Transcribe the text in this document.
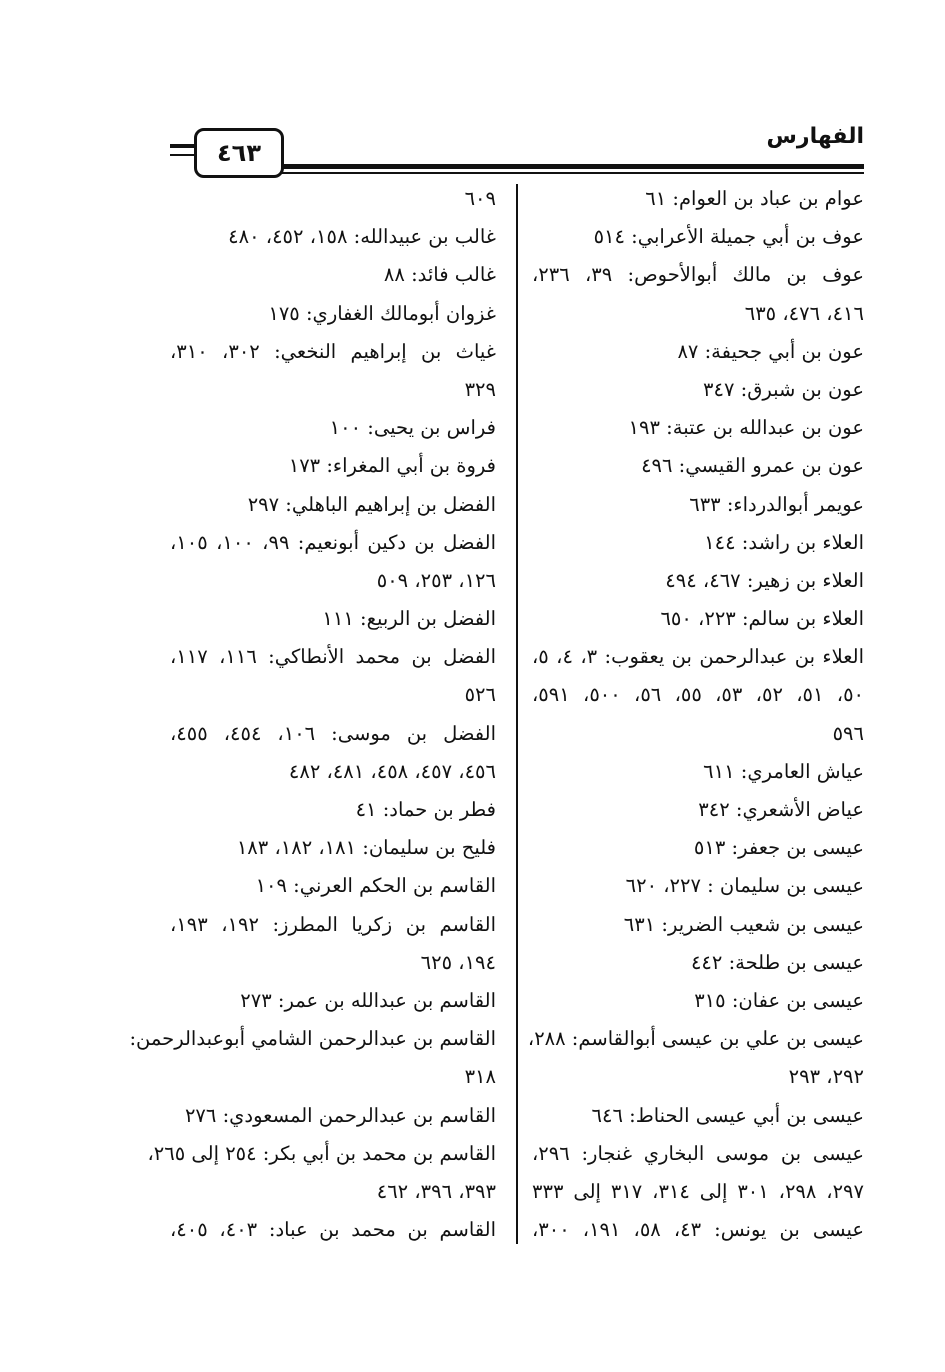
الفهارس
٤٦٣
عوام بن عباد بن العوام: ٦١
عوف بن أبي جميلة الأعرابي: ٥١٤
عوف بن مالك أبوالأحوص: ٣٩، ٢٣٦،
٤١٦، ٤٧٦، ٦٣٥
عون بن أبي جحيفة: ٨٧
عون بن شبرق: ٣٤٧
عون بن عبدالله بن عتبة: ١٩٣
عون بن عمرو القيسي: ٤٩٦
عويمر أبوالدرداء: ٦٣٣
العلاء بن راشد: ١٤٤
العلاء بن زهير: ٤٦٧، ٤٩٤
العلاء بن سالم: ٢٢٣، ٦٥٠
العلاء بن عبدالرحمن بن يعقوب: ٣، ٤، ٥،
٥٠، ٥١، ٥٢، ٥٣، ٥٥، ٥٦، ٥٠٠، ٥٩١،
٥٩٦
عياش العامري: ٦١١
عياض الأشعري: ٣٤٢
عيسى بن جعفر: ٥١٣
عيسى بن سليمان : ٢٢٧، ٦٢٠
عيسى بن شعيب الضرير: ٦٣١
عيسى بن طلحة: ٤٤٢
عيسى بن عفان: ٣١٥
عيسى بن علي بن عيسى أبوالقاسم: ٢٨٨،
٢٩٢، ٢٩٣
عيسى بن أبي عيسى الحناط: ٦٤٦
عيسى بن موسى البخاري غنجار: ٢٩٦،
٢٩٧، ٢٩٨، ٣٠١ إلى ٣١٤، ٣١٧ إلى ٣٣٣
عيسى بن يونس: ٤٣، ٥٨، ١٩١، ٣٠٠،
٦٠٩
غالب بن عبيدالله: ١٥٨، ٤٥٢، ٤٨٠
غالب فائد: ٨٨
غزوان أبومالك الغفاري: ١٧٥
غياث بن إبراهيم النخعي: ٣٠٢، ٣١٠،
٣٢٩
فراس بن يحيى: ١٠٠
فروة بن أبي المغراء: ١٧٣
الفضل بن إبراهيم الباهلي: ٢٩٧
الفضل بن دكين أبونعيم: ٩٩، ١٠٠، ١٠٥،
١٢٦، ٢٥٣، ٥٠٩
الفضل بن الربيع: ١١١
الفضل بن محمد الأنطاكي: ١١٦، ١١٧،
٥٢٦
الفضل بن موسى: ١٠٦، ٤٥٤، ٤٥٥،
٤٥٦، ٤٥٧، ٤٥٨، ٤٨١، ٤٨٢
فطر بن حماد: ٤١
فليح بن سليمان: ١٨١، ١٨٢، ١٨٣
القاسم بن الحكم العرني: ١٠٩
القاسم بن زكريا المطرز: ١٩٢، ١٩٣،
١٩٤، ٦٢٥
القاسم بن عبدالله بن عمر: ٢٧٣
القاسم بن عبدالرحمن الشامي أبوعبدالرحمن:
٣١٨
القاسم بن عبدالرحمن المسعودي: ٢٧٦
القاسم بن محمد بن أبي بكر: ٢٥٤ إلى ٢٦٥،
٣٩٣، ٣٩٦، ٤٦٢
القاسم بن محمد بن عباد: ٤٠٣، ٤٠٥،
